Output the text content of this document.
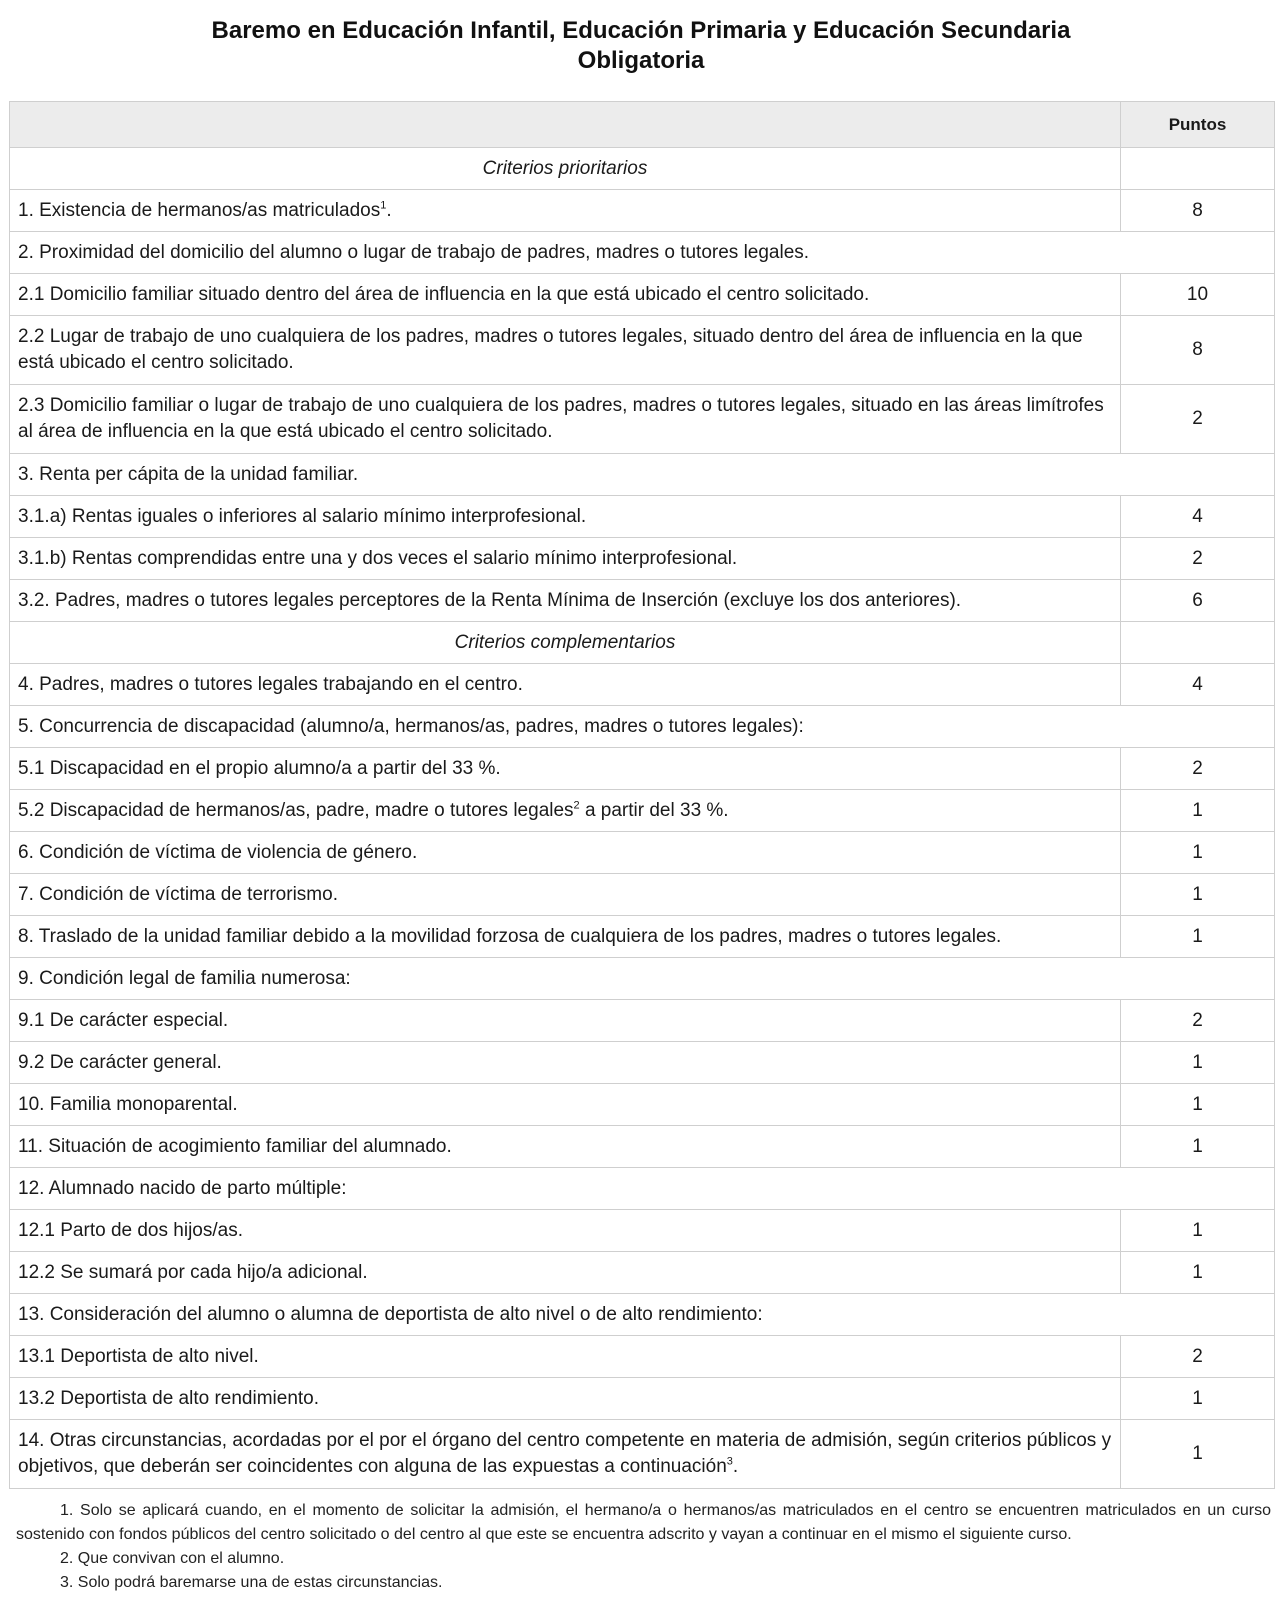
Baremo en Educación Infantil, Educación Primaria y Educación Secundaria
Obligatoria
	Puntos
Criterios prioritarios	
1. Existencia de hermanos/as matriculados$^1$.	8
2. Proximidad del domicilio del alumno o lugar de trabajo de padres, madres o tutores legales.	
2.1 Domicilio familiar situado dentro del área de influencia en la que está ubicado el centro solicitado.	10
2.2 Lugar de trabajo de uno cualquiera de los padres, madres o tutores legales, situado dentro del área de influencia en la que está ubicado el centro solicitado.	8
2.3 Domicilio familiar o lugar de trabajo de uno cualquiera de los padres, madres o tutores legales, situado en las áreas limítrofes al área de influencia en la que está ubicado el centro solicitado.	2
3. Renta per cápita de la unidad familiar.	
3.1.a) Rentas iguales o inferiores al salario mínimo interprofesional.	4
3.1.b) Rentas comprendidas entre una y dos veces el salario mínimo interprofesional.	2
3.2. Padres, madres o tutores legales perceptores de la Renta Mínima de Inserción (excluye los dos anteriores).	6
Criterios complementarios	
4. Padres, madres o tutores legales trabajando en el centro.	4
5. Concurrencia de discapacidad (alumno/a, hermanos/as, padres, madres o tutores legales):	
5.1 Discapacidad en el propio alumno/a a partir del 33 %.	2
5.2 Discapacidad de hermanos/as, padre, madre o tutores legales$^2$ a partir del 33 %.	1
6. Condición de víctima de violencia de género.	1
7. Condición de víctima de terrorismo.	1
8. Traslado de la unidad familiar debido a la movilidad forzosa de cualquiera de los padres, madres o tutores legales.	1
9. Condición legal de familia numerosa:	
9.1 De carácter especial.	2
9.2 De carácter general.	1
10. Familia monoparental.	1
11. Situación de acogimiento familiar del alumnado.	1
12. Alumnado nacido de parto múltiple:	
12.1 Parto de dos hijos/as.	1
12.2 Se sumará por cada hijo/a adicional.	1
13. Consideración del alumno o alumna de deportista de alto nivel o de alto rendimiento:	
13.1 Deportista de alto nivel.	2
13.2 Deportista de alto rendimiento.	1
14. Otras circunstancias, acordadas por el por el órgano del centro competente en materia de admisión, según criterios públicos y objetivos, que deberán ser coincidentes con alguna de las expuestas a continuación$^3$.	1

1. Solo se aplicará cuando, en el momento de solicitar la admisión, el hermano/a o hermanos/as matriculados en el centro se encuentren matriculados en un curso sostenido con fondos públicos del centro solicitado o del centro al que este se encuentra adscrito y vayan a continuar en el mismo el siguiente curso.

2. Que convivan con el alumno.

3. Solo podrá baremarse una de estas circunstancias.
